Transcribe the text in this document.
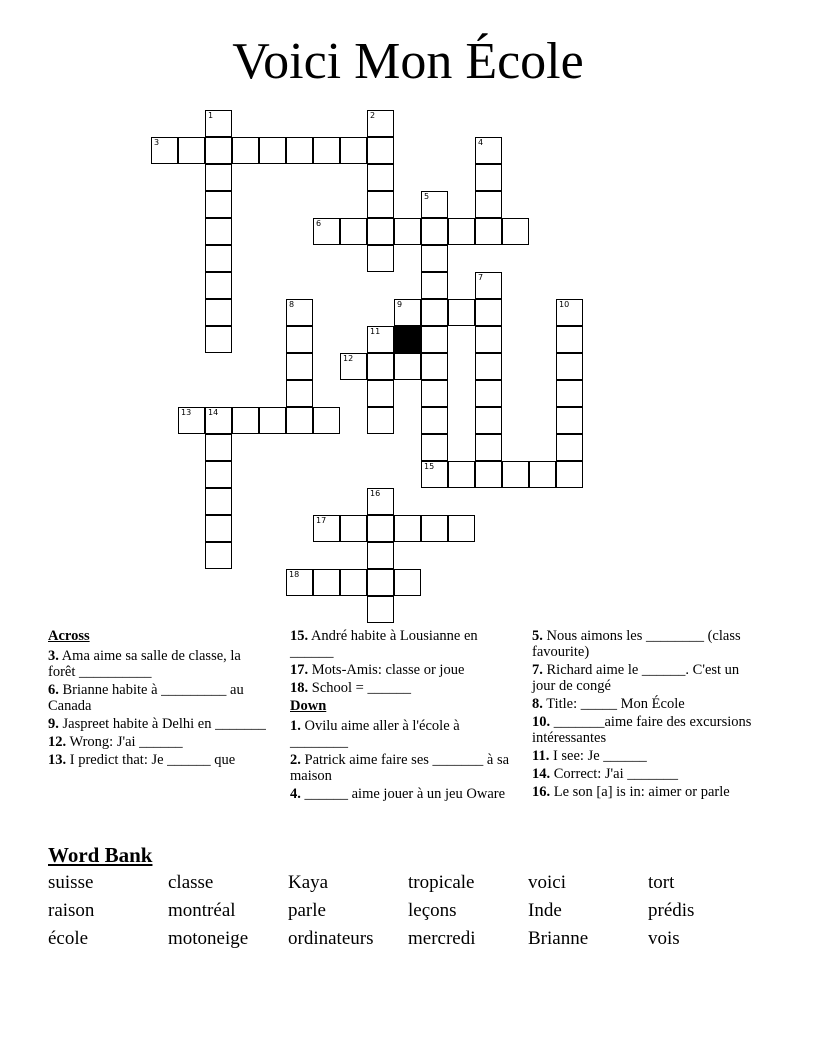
Voici Mon École
1	2
3	4
5
6
7
8	9	10
11
12
13 14
15
16
17
18
Across
3. Ama aime sa salle de classe, la forêt __________
6. Brianne habite à _________ au Canada
9. Jaspreet habite à Delhi en _______
12. Wrong: J'ai ______
13. I predict that: Je ______ que
15. André habite à Lousianne en ______
17. Mots-Amis: classe or joue
18. School = ______
Down
1. Ovilu aime aller à l'école à ________
2. Patrick aime faire ses _______ à sa maison
4. ______ aime jouer à un jeu Oware
5. Nous aimons les ________ (class favourite)
7. Richard aime le ______. C'est un jour de congé
8. Title: _____ Mon École
10. _______aime faire des excursions intéressantes
11. I see: Je ______
14. Correct: J'ai _______
16. Le son [a] is in: aimer or parle
Word Bank
suisse	classe	Kaya	tropicale	voici	tort
raison	montréal	parle	leçons	Inde	prédis
école	motoneige	ordinateurs	mercredi	Brianne	vois
